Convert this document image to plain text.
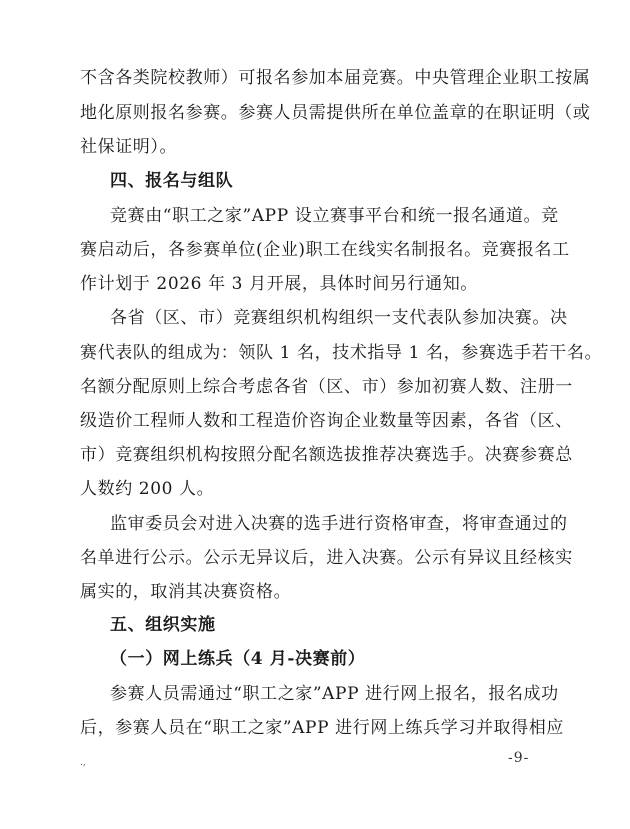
不含各类院校教师）可报名参加本届竞赛。中央管理企业职工按属
地化原则报名参赛。参赛人员需提供所在单位盖章的在职证明（或
社保证明）。
四、报名与组队
竞赛由“职工之家”APP 设立赛事平台和统一报名通道。竞
赛启动后，各参赛单位(企业)职工在线实名制报名。竞赛报名工
作计划于 2026 年 3 月开展，具体时间另行通知。
各省（区、市）竞赛组织机构组织一支代表队参加决赛。决
赛代表队的组成为：领队 1 名，技术指导 1 名，参赛选手若干名。
名额分配原则上综合考虑各省（区、市）参加初赛人数、注册一
级造价工程师人数和工程造价咨询企业数量等因素，各省（区、
市）竞赛组织机构按照分配名额选拔推荐决赛选手。决赛参赛总
人数约 200 人。
监审委员会对进入决赛的选手进行资格审查，将审查通过的
名单进行公示。公示无异议后，进入决赛。公示有异议且经核实
属实的，取消其决赛资格。
五、组织实施
（一）网上练兵（4 月-决赛前）
参赛人员需通过“职工之家”APP 进行网上报名，报名成功
后，参赛人员在“职工之家”APP 进行网上练兵学习并取得相应
.,	-9-
